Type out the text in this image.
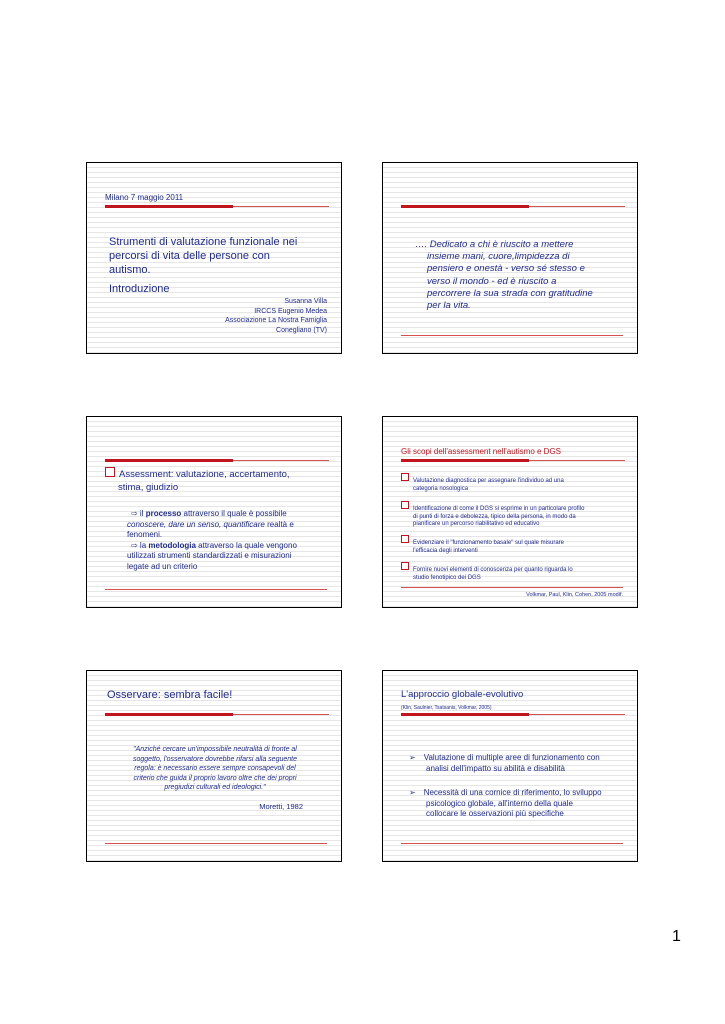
Milano 7 maggio 2011
Strumenti di valutazione funzionale nei
percorsi di vita delle persone con
autismo.
Introduzione
Susanna Villa
IRCCS Eugenio Medea
Associazione La Nostra Famiglia
Conegliano (TV)
…. Dedicato a chi è riuscito a mettere
insieme mani, cuore,limpidezza di
pensiero e onestà - verso sé stesso e
verso il mondo - ed è riuscito a
percorrere la sua strada con gratitudine
per la vita.
Assessment: valutazione, accertamento,
stima, giudizio
⇨ il processo attraverso il quale è possibile
conoscere, dare un senso, quantificare realtà e
fenomeni.
⇨ la metodologia attraverso la quale vengono
utilizzati strumenti standardizzati e misurazioni
legate ad un criterio
Gli scopi dell'assessment nell'autismo e DGS
Valutazione diagnostica per assegnare l'individuo ad una
categoria nosologica
Identificazione di come il DGS si esprime in un particolare profilo
di punti di forza e debolezza, tipico della persona, in modo da
pianificare un percorso riabilitativo ed educativo
Evidenziare il "funzionamento basale" sul quale misurare
l'efficacia degli interventi
Fornire nuovi elementi di conoscenza per quanto riguarda lo
studio fenotipico dei DGS
Volkmar, Paul, Klin, Cohen, 2005 modif.
Osservare: sembra facile!
"Anziché cercare un'impossibile neutralità di fronte al
soggetto, l'osservatore dovrebbe rifarsi alla seguente
regola: è necessario essere sempre consapevoli del
criterio che guida il proprio lavoro oltre che dei propri
pregiudizi culturali ed ideologici."
Moretti, 1982
L'approccio globale-evolutivo
(Klin, Saulnier, Tsatsanis, Volkmar, 2005)
➢ Valutazione di multiple aree di funzionamento con
analisi dell'impatto su abilità e disabilità
➢ Necessità di una cornice di riferimento, lo sviluppo
psicologico globale, all'interno della quale
collocare le osservazioni più specifiche
1
